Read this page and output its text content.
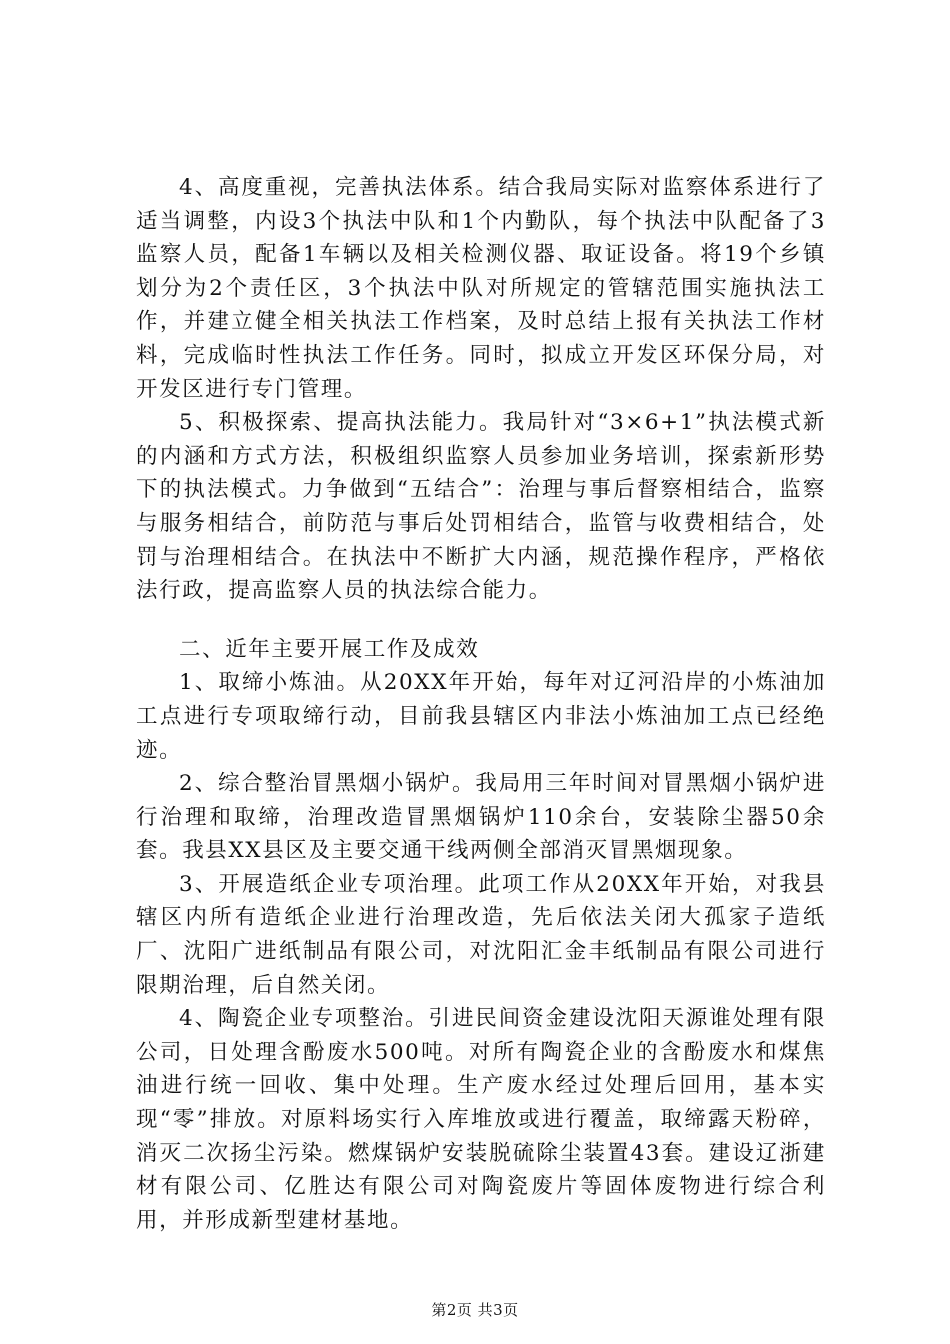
4、高度重视，完善执法体系。结合我局实际对监察体系进行了适当调整，内设3个执法中队和1个内勤队，每个执法中队配备了3监察人员，配备1车辆以及相关检测仪器、取证设备。将19个乡镇划分为2个责任区，3个执法中队对所规定的管辖范围实施执法工作，并建立健全相关执法工作档案，及时总结上报有关执法工作材料，完成临时性执法工作任务。同时，拟成立开发区环保分局，对开发区进行专门管理。

5、积极探索、提高执法能力。我局针对“3×6+1”执法模式新的内涵和方式方法，积极组织监察人员参加业务培训，探索新形势下的执法模式。力争做到“五结合”：治理与事后督察相结合，监察与服务相结合，前防范与事后处罚相结合，监管与收费相结合，处罚与治理相结合。在执法中不断扩大内涵，规范操作程序，严格依法行政，提高监察人员的执法综合能力。

二、近年主要开展工作及成效

1、取缔小炼油。从20XX年开始，每年对辽河沿岸的小炼油加工点进行专项取缔行动，目前我县辖区内非法小炼油加工点已经绝迹。

2、综合整治冒黑烟小锅炉。我局用三年时间对冒黑烟小锅炉进行治理和取缔，治理改造冒黑烟锅炉110余台，安装除尘器50余套。我县XX县区及主要交通干线两侧全部消灭冒黑烟现象。

3、开展造纸企业专项治理。此项工作从20XX年开始，对我县辖区内所有造纸企业进行治理改造，先后依法关闭大孤家子造纸厂、沈阳广进纸制品有限公司，对沈阳汇金丰纸制品有限公司进行限期治理，后自然关闭。

4、陶瓷企业专项整治。引进民间资金建设沈阳天源谁处理有限公司，日处理含酚废水500吨。对所有陶瓷企业的含酚废水和煤焦油进行统一回收、集中处理。生产废水经过处理后回用，基本实现“零”排放。对原料场实行入库堆放或进行覆盖，取缔露天粉碎，消灭二次扬尘污染。燃煤锅炉安装脱硫除尘装置43套。建设辽浙建材有限公司、亿胜达有限公司对陶瓷废片等固体废物进行综合利用，并形成新型建材基地。

第2页 共3页
